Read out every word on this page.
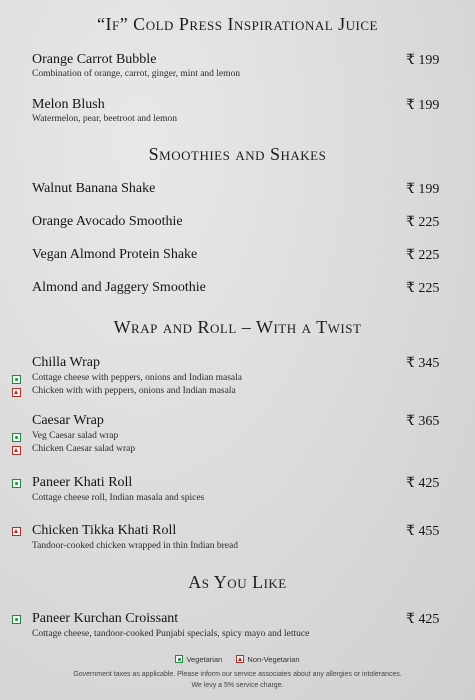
“If” Cold Press Inspirational Juice
Orange Carrot Bubble	₹ 199
Combination of orange, carrot, ginger, mint and lemon
Melon Blush	₹ 199
Watermelon, pear, beetroot and lemon
Smoothies and Shakes
Walnut Banana Shake	₹ 199
Orange Avocado Smoothie	₹ 225
Vegan Almond Protein Shake	₹ 225
Almond and Jaggery Smoothie	₹ 225
Wrap and Roll – With a Twist
Chilla Wrap	₹ 345
Cottage cheese with peppers, onions and Indian masala
Chicken with with peppers, onions and Indian masala
Caesar Wrap	₹ 365
Veg Caesar salad wrap
Chicken Caesar salad wrap
Paneer Khati Roll	₹ 425
Cottage cheese roll, Indian masala and spices
Chicken Tikka Khati Roll	₹ 455
Tandoor-cooked chicken wrapped in thin Indian bread
As You Like
Paneer Kurchan Croissant	₹ 425
Cottage cheese, tandoor-cooked Punjabi specials, spicy mayo and lettuce
Vegetarian	Non-Vegetarian
Government taxes as applicable. Please inform our service associates about any allergies or intolerances.
We levy a 5% service charge.
